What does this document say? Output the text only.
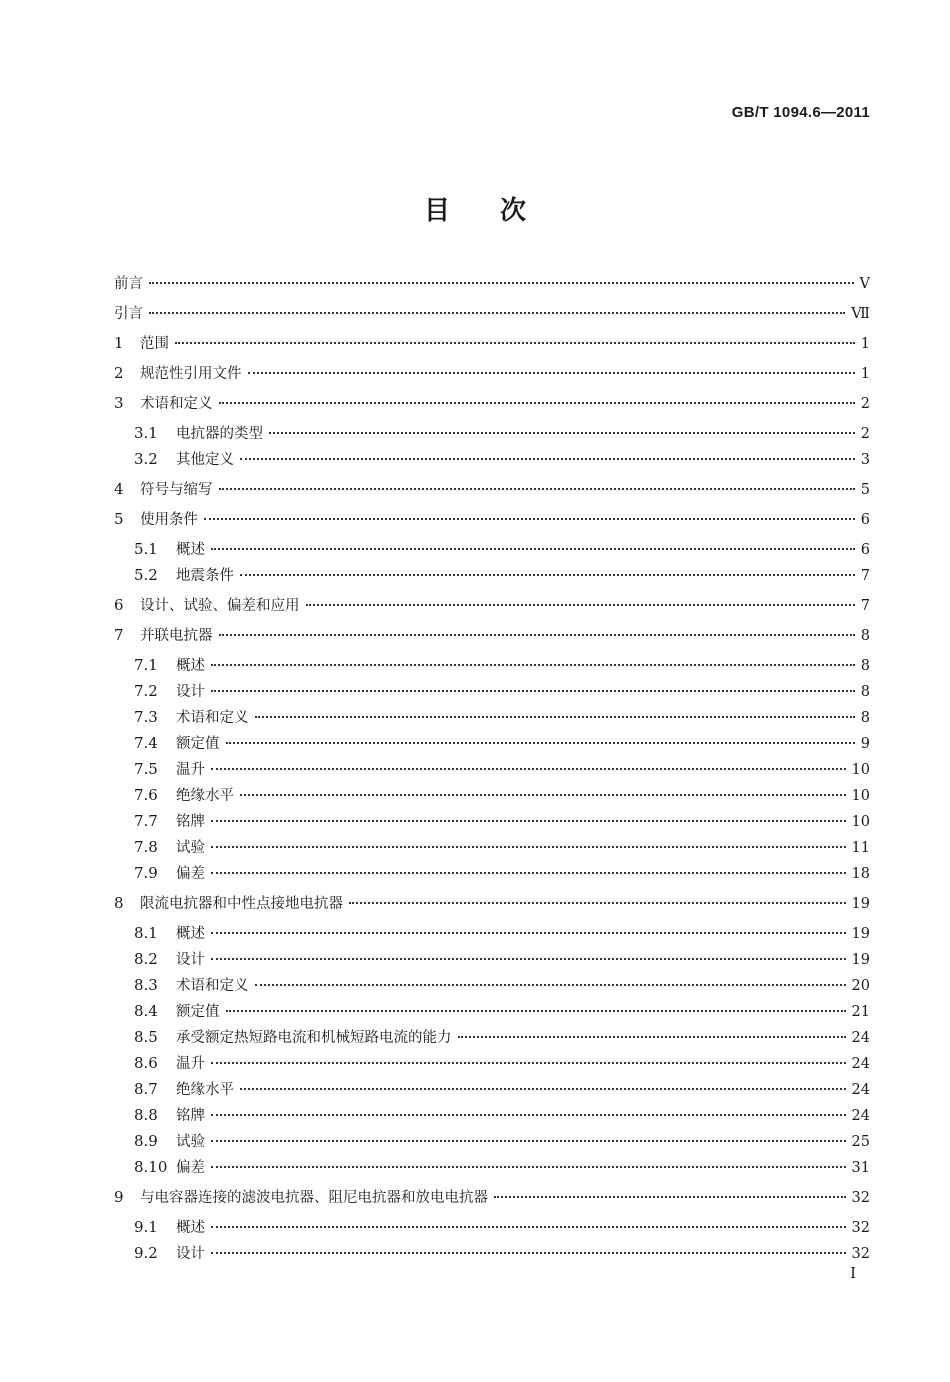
GB/T 1094.6—2011
目次
前言	V
引言	Ⅶ
1	范围	1
2	规范性引用文件	1
3	术语和定义	2
3.1	电抗器的类型	2
3.2	其他定义	3
4	符号与缩写	5
5	使用条件	6
5.1	概述	6
5.2	地震条件	7
6	设计、试验、偏差和应用	7
7	并联电抗器	8
7.1	概述	8
7.2	设计	8
7.3	术语和定义	8
7.4	额定值	9
7.5	温升	10
7.6	绝缘水平	10
7.7	铭牌	10
7.8	试验	11
7.9	偏差	18
8	限流电抗器和中性点接地电抗器	19
8.1	概述	19
8.2	设计	19
8.3	术语和定义	20
8.4	额定值	21
8.5	承受额定热短路电流和机械短路电流的能力	24
8.6	温升	24
8.7	绝缘水平	24
8.8	铭牌	24
8.9	试验	25
8.10 偏差	31
9	与电容器连接的滤波电抗器、阻尼电抗器和放电电抗器	32
9.1	概述	32
9.2	设计	32
I
